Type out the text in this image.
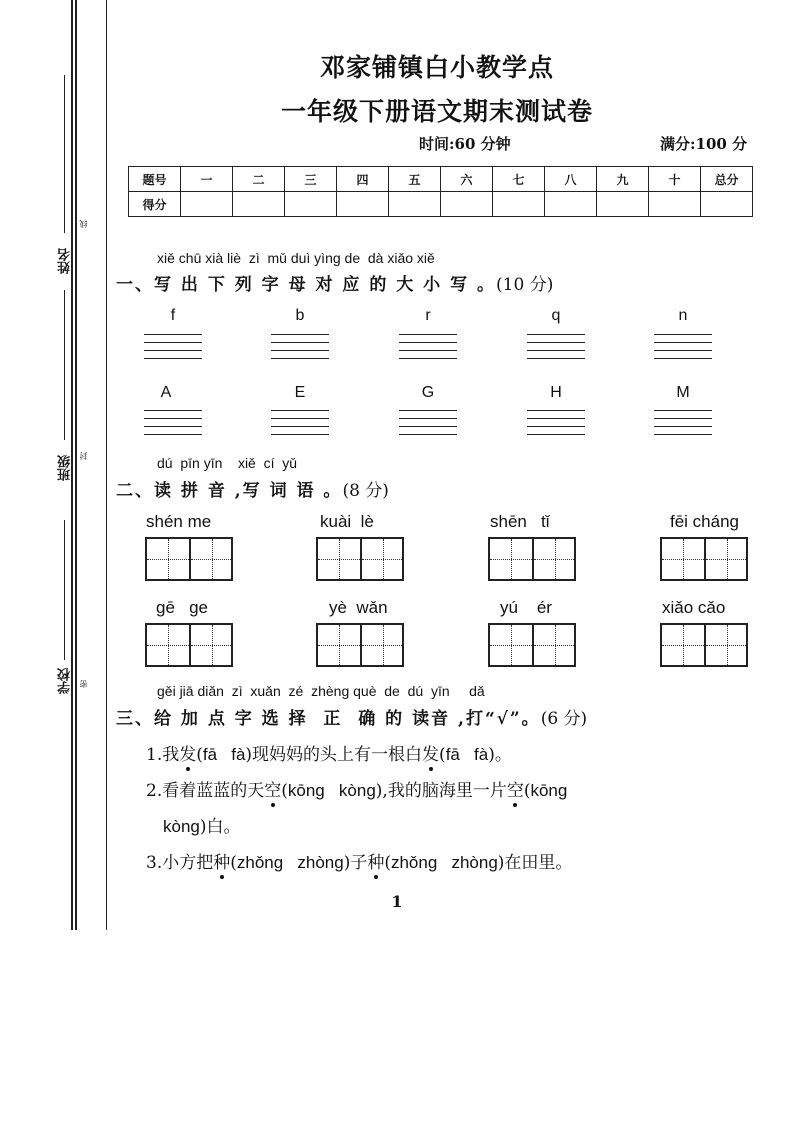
姓名
线
班级 封
学校 密
邓家铺镇白小教学点
一年级下册语文期末测试卷
时间:60 分钟	满分:100 分
题号	一	二	三	四	五	六	七	八	九	十	总分
得分											
xiě chū xià liè  zì  mǔ duì yìng de  dà xiǎo xiě
一、写 出 下 列 字 母 对 应 的 大 小 写 。(10 分)
f	b	r	q	n
A	E	G	H	M
dú  pīn yīn    xiě  cí  yǔ
二、读 拼 音 ,写 词 语 。(8 分)
shén me	kuài  lè	shēn   tǐ	fēi cháng
gē   ge	yè  wǎn	yú    ér	xiǎo cǎo
gěi jiā diǎn  zì  xuǎn  zé  zhèng què  de  dú  yīn     dǎ
三、给 加 点 字 选 择  正  确 的 读音 ,打“√”。(6 分)
1.我发(fā   fà)现妈妈的头上有一根白发(fā   fà)。
2.看着蓝蓝的天空(kōng   kòng),我的脑海里一片空(kōng
kòng)白。
3.小方把种(zhǒng   zhòng)子种(zhǒng   zhòng)在田里。
1
